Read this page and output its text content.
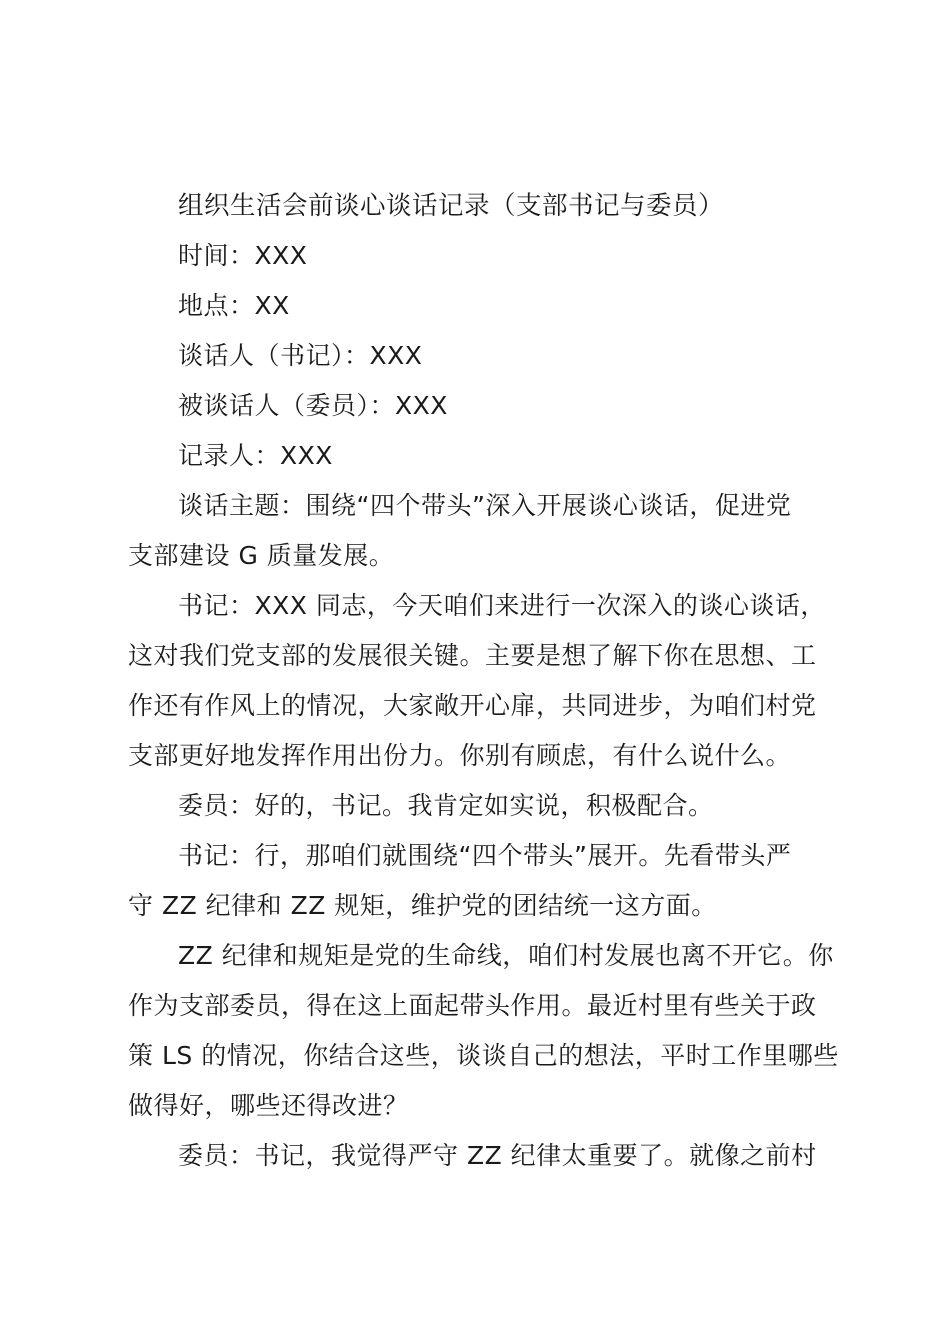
组织生活会前谈心谈话记录（支部书记与委员）
时间：XXX
地点：XX
谈话人（书记）：XXX
被谈话人（委员）：XXX
记录人：XXX
谈话主题：围绕“四个带头”深入开展谈心谈话，促进党
支部建设 G 质量发展。
书记：XXX 同志，今天咱们来进行一次深入的谈心谈话，
这对我们党支部的发展很关键。主要是想了解下你在思想、工
作还有作风上的情况，大家敞开心扉，共同进步，为咱们村党
支部更好地发挥作用出份力。你别有顾虑，有什么说什么。
委员：好的，书记。我肯定如实说，积极配合。
书记：行，那咱们就围绕“四个带头”展开。先看带头严
守 ZZ 纪律和 ZZ 规矩，维护党的团结统一这方面。
ZZ 纪律和规矩是党的生命线，咱们村发展也离不开它。你
作为支部委员，得在这上面起带头作用。最近村里有些关于政
策 LS 的情况，你结合这些，谈谈自己的想法，平时工作里哪些
做得好，哪些还得改进？
委员：书记，我觉得严守 ZZ 纪律太重要了。就像之前村
